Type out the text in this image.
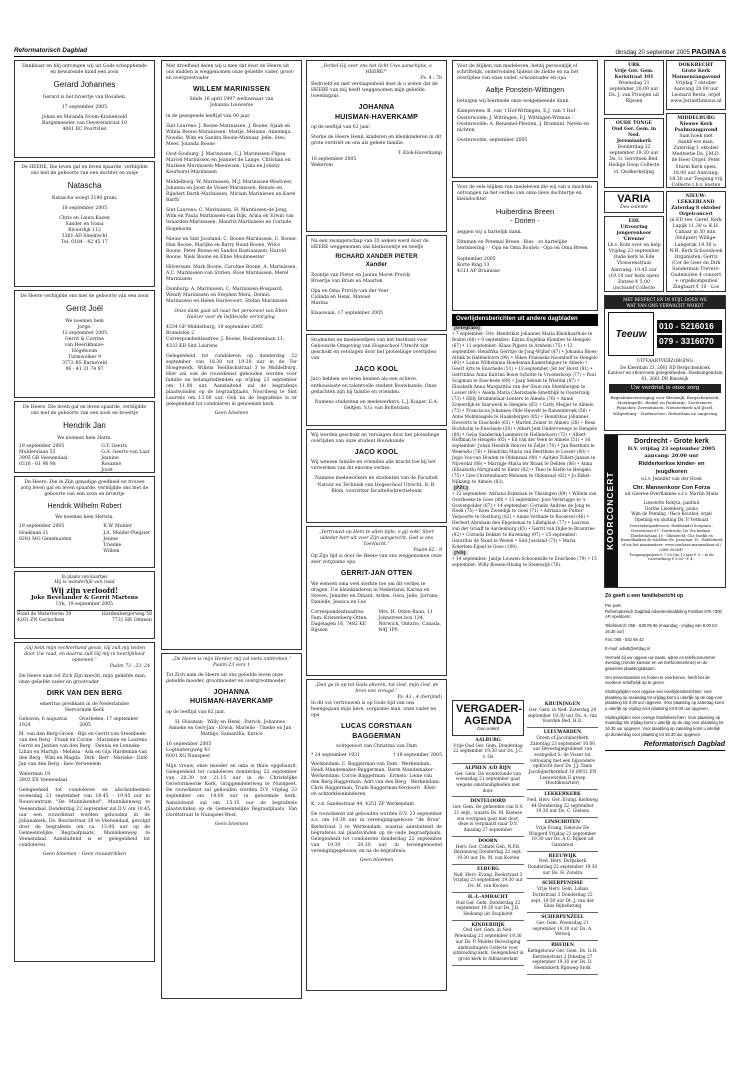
Reformatorisch Dagblad	dinsdag 20 september 2005 PAGINA 6
Dankbaar en blij ontvingen wij uit Gods schepphende en bewarende hand een zoon
Gerard Johannes
Gerard is het broertje van Rosalien.
17 september 2005
Johan en Miranda Noom-Kranenveld
Burgemeester van Oeverenstraat 10
4061 EC Poortvliet
De HEERE, Die leven gaf en leven spaarde, verblijdde ons met de geboorte van een dochter en zusje
Natascha
Natascha woegt 3180 gram.
18 september 2005
Chris en Laura Kazen
Sander en Ivana
Rivierdijk 112
3361 AD Sliedrecht
Tel. 0184 - 42 45 17
De Heere verblijdde ons met de geboorte van een zoon
Gerrit Joël
We noemen hem
Jorge.
13 september 2005
Gerrit & Corrine
van Heerikhuize-
Hogeboom
Turmwolker 9
3772 BS Barneveld
06 - 41 31 74 87
De Heere, Die leven gaf en leven spaarde, verblijdde ons met de geboorte van een zoon en broertje
Hendrik Jan
We noemen hem Harm.
19 september 2005
Mulderslaan 53
3905 GB Veenendaal
0318 - 61 96 98
G.T. Geerts
G.A. Geerts-van Laar
Jeanine
Rosanne
Joost
De Heere, Die in Zijn genadige goedheid en trouwe zorg leven gaf en leven spaarde, verblijdde ons met de geboorte van een zoon en broertje
Hendrik Wilhelm Robert
We noemen hem Herwin.
19 september 2005
Hoeklaan 21
8281 MG Genemuiden
R.W. Mulder
J.A. Mulder-Pleijzier
Jenine
Trienke
Willem
In plaats van kaartjes
Hij is wonderlijk van raad
Wij zijn verloofd!
Joke Bevelander & Gerrit Martens
Urk, 19 september 2005
Rond de Watertoren 39	Hardenbergerweg 50
4201 ZN Gorinchem	7731 HE Ommen
„Gij hebt mijn rechterhand gevat; Gij zult mij leiden door Uw raad, en daarna zult Gij mij in heerlijkheid opnemen.“
Psalm 73 : 23, 24
De Heere nam tot Zich Zijn knecht, mijn geliefde man, onze geliefde vader en grootvader
DIRK VAN DEN BERG
emeritus predikant in de Nederlandse
Hervormde Kerk
Geboren, 6 augustus 1924
Overleden, 17 september 2005
M. van den Berg-Groen · Rijs en Gerrit van Steenbeek-van den Berg · Frank en Corine · Marianne en Laurens · Gerrit en Jantien van den Berg · Dennis en Lenneke · Lilian en Martijn · Melissa · Ada en Gijs Hardeman-van den Berg · Wim en Magda · Dirk · Bert · Marieke · Dirk-Jan van den Berg · Ineo Verweelem
Waterman 19
2802 EX Veenendaal
Gelegenheid tot condoleren en afscheidnemen woensdag 21 september van 18.45 - 19.45 uur in Rouwcentrum "De Munnikenhof", Munnikenweg te Veenendaal. Donderdag 22 september zal D.V. om 10.45 uur een rouwdienst worden gehouden in de Julianakerk, Ds. Boschstraat 38 te Veenendaal, gevolgd door de begrafenis om ca. 13.00 uur op de Gemeentelijke Begraafplaats, Munnikenweg te Veenendaal. Aansluitend is er gelegenheid tot condoleren.
Geen bloemen – Geen rouwstrikken
Met droefheid delen wij u mee dat door de Heere uit ons midden is weggenomen onze geliefde vader, groot- en overgrootvader
WILLEM MARINISSEN
Sinds 16 april 1997 weduwnaar van
Johanna Louwerse
in de gezegende leeftijd van 90 jaar.
Sint Laurens: J. Boone-Marinissen, J. Boone, Sjaak en Wilma Boone-Maranissen, Marije, Melanie, Annemija, Noudie, Wim en Sandra Boone-Minnaar, Jelle, Stes, Mees, Jolanda Boone
Oost-Souburg: J. Marinissen, C.J. Marinissen-Flipse, Marcel Marinissen en Jeannet de Lange, Christian en Marleen Marinissen-Meeuwsen, Lydia en Johnny Keurhorst-Marinissen
Middelburg: W. Marinissen, M.J. Marinissen-Westveer, Johanna en Joost de Visser-Marinissen, Renate en Rijndert Barth-Marinissen, Miriam Marinissen en Karel Barth
Sint Laurens: C. Marinissen, H. Marinissen-de Jong, Wim en Paula Marinissen-van Dijk, Arina en Erwin van Iwaarden-Marinissen, Maurits Marinissen en Corinde Hogeboom
Nieuw en Sint Joosland: C. Boone-Marinissen, C. Boone, Han Boone, Marijke en Barry Ruud-Boone, Wilco Boone, Peter Boone en Sandra Bastiaansen, Harold Boone, Niels Boone en Eline Moulmeester
Hilversum: Mark Boone, Caroline Boone, A. Marinissen, A.C. Marinissen-van Stirien, Rose Marinissen, Merel Marinissen
Domburg: A. Marinissen, C. Marinissen-Bosgaard, Wendy Marinissen en Stephen Mera, Dennis Marinissen en Helen Harzevoort, Stefan Marinissen
Onze dank gaat uit naar het personeel van Eben-Haëzer voor de liefdevolle verzorging.
4334 GP Middelburg, 19 september 2005
Brandslon 2
Correspondentieadres: J. Boone, Bonhezenlaan 11, 4333 KB Sint Laurens
Gelegenheid tot condoleren op donderdag 22 september van 18.30 tot 19.30 uur in de Ter Hoogewerk, Willem Teellinckstraat 3 te Middelburg. Hier zal ook de rouwdienst gehouden worden voor familie en belangstellenden op vrijdag 23 september om 11.00 uur. Aansluitend zal de begrafenis plaatsvinden op de begraafplaats, Noordweg te Sint Laurens om 13.00 uur. Ook na de begrafenis is er gelegenheid tot condoleren in genoemde kerk.
Geen bloemen
„De Heere is mijn Herder, mij zal niets ontbreken.“
Psalm 23 vers 1
Tot Zich nam de Heere uit ons geliefde leven onze geliefde moeder, grootmoeder en overgrootmoeder
JOHANNA
HUISMAN-HAVERKAMP
op de leeftijd van 62 jaar.
H. Huisman · Willy en Henk · Patrick, Johannes · Anneke en Gert-Jan · Erwin, Marielle · Tineke en Jan · Mathijs, Samantha, Enrico
16 september 2005
Logtenbergweg 43
6001 XG Nunspeet
Mijn vrouw, onze moeder en oma is thuis opgebaard. Gelegenheid tot condoleren donderdag 22 september van 20.30 tot 21.15 uur in de Christelijke Gereformeerde Kerk, Grappendelerweg te Nunspeet. De rouwdienst zal gehouden worden D.V. vrijdag 23 september om 14.00 uur in genoemde kerk. Aansluitend zal om 15.15 uur de begrafenis plaatsvinden op de Gemeentelijke Begraafplaats, Van Oordtstraat te Nunspeet-West.
Geen bloemen
„Verbel Gij over ons het licht Uws aanschijns, o HEERE!“
Ps. 4 : 7b
Bedroefd en met verslagenheid doet ik u weten dat de HEERE van mij heeft weggenomen mijn geliefde tweelingzus
JOHANNA
HUISMAN-HAVERKAMP
op de leeftijd van 62 jaar.
Sterke de Heere Henk, kinderen en kleinkinderen in dit grote verdriet en ons als gehele familie.
T. Klok-Haverkamp
18 september 2005
Wekerom
Na een zwangerschap van 35 weken werd door de HEERE weggenomen ons kleinzoontje en neefje
RICHARD XANDER PIETER
Xander
Zoontje van Pieter en Janine Moret-Provily
Broertje van Bram en Maarten
Opa en Oma Provily-van der Veer
Colinda en Henk, Manuel
Marina
Klaaswaal, 17 september 2005
Studenten en medewerkers van het Instituut voor Gebouwde Omgeving van Hogeschool Utrecht zijn geschokt en verslagen door het plotselinge overlijden van
JACO KOOL
Jaco hebben we leren kennen als een actieve, enthousiaste en talentvolle student Bouwkunde. Onze gedachten zijn bij familie en vrienden.
Namens studenten en medewerkers, L.J. Kuiper, E.A. Oeltjen, S.G. van Botterdam
Wij werden geschokt en verslagen door het plotselinge overlijden van onze student Bouwkunde
JACO KOOL
Wij wensen familie en vrienden alle kracht toe bij het verwerken van dit enorme verlies.
Namens medewerkers en studenten van de Faculteit Natuur en Techniek van Hogeschool Utrecht, Ir. B. Blom, voorzitter faculteitsdirectieteam
„Vertrouwt op Hem te allen tijde, o gij volk! Stort uideder hart uit voor Zijn aangezicht, God is ons Toevlucht.“
Psalm 62 : 9
Op Zijn tijd is door de Heere van ons weggenomen onze zeer zorgzame opa
GERRIT-JAN OTTEN
We wensen oma veel sterkte toe om dit verlies te dragen. Uw kleinkinderen in Nederland: Karina en Steven, Jennifer en Dinant, Arden, Gera, Jelle, Jorrane, Danielle, Jessica en Les
Correspondentieadres: Fam. Kristenberg-Otten, Dagelagen 16, 7482 KE Rijssen
Mrs. H. Otten-Baan, 11 Johnstreet box 124, Norwich, Ontario, Canada, N4J 1P0
„Dan ga ik op tot Gods altaren, tot God, mijn God, de bron van vreugd.“
Ps. 43 : 4 (berijmd)
In dit vol vertrouwen is op Gods tijd van ons heengegaan mijn lieve, zorgzame man, onze vader en opa
LUCAS CORSTIAAN
BAGGERMAN
echtgenoot van Christina van Dam
* 24 september 1931	† 18 september 2005
Werkendam: C. Baggerman-van Dam · Werkendam: Heidi Mandemaker-Baggerman, Harm Mandemaker · Werkendam: Corrie Baggerman · Ermelo: Lenie van den Berg-Baggerman, Adri van den Berg · Werkendam: Chris Baggerman, Trude Baggerman-Verdoorn · Kleir- en achterkleinkinderen
K. v.d. Sandestraat 44, 4251 ZP Werkendam
De rouwdienst zal gehouden worden D.V. 23 september a.s. om 10.30 uur in verenigingsgebouw "de Bron", Kerkstraat 3 te Werkendam, waarna aansluitend de begrafenis zal plaatsvinden op de oude begraafplaats. Gelegenheid tot condoleren donderdag 22 september van 19.30 - 20.30 uur in bovengenoemd verenigingsgebouw, en na de begrafenis.
Geen bloemen
Voor de blijken van medeleven, hetzij persoonlijk of schriftelijk, ondervonden tijdens de ziekte en na het overlijden van onze vader, schoonvader en opa
Aaltje Ponstein-Wittingen
betuigen wij hiermede onze welgemeende dank.
Kampeveen: B. van 't Hof-Wittingen, E.J. van 't Hof · Oosterwolde: J. Wittingen, F.J. Wittingen-Witman · Oosterwolde: A. Benzenel-Pleuten, J. Brunninl, Neven en nichten
Oosterwolde, september 2005
Voor de vele blijken van medeleven die wij van u mochten ontvangen na het verlies van onze lieve dochtertje en kleindochter
Huiberdina Breen
- Dorien -
zeggen wij u hartelijk dank.
Dimmen en Petemel Breen · Ries - zo hartelijke herinnering - · Opa en Oma Bouten · Opa en Oma Breen
September 2005
Korte Ring 13
4311 AP Bruinisse
Overlijdensberichten uit andere dagbladen

[telegrafo]

• 7 september: Drs. Hendrikus Johannes Maria Kleinhaarhuis te Boxtel (66) • 9 september: Elzina Engelina Klomber te Hengelo (67) • 11 september: Klaas Pijpers te Arnhem (75) • 12 september: Hendrika Gerritje de Jong-Wijhof (87) • Johanna Bloes-Altink te Hellendoorn (90) • Nikes Fransiska Hoomboff te Hengelo (60) • Lanus Wilhelmina Hoedeman-Kamerlinguer te Almelo • Geert Arts te Enschede (51) • 13 september: Jet ter Horst (81) • Gerritdina Anna Katrina Bouw-Schutte te Vroomshoop (77) • Paul Scapman te Enschede (69) • Jaap Sekum te Wierdal (87) • Elisabeth Anna Margaritha van der Sluis-van Steenbergen te Losser (69) • Aleida Maria Cheristaide-Smetthijk te Oosterzalg (73) • Hilly Brummelaar-Lenters te Almelo (76) • Annie Zomerdijk-te Vaarwerk te Hengelo (65) • Carly Meijjer te Almelo (73) • Franciscus Johannes Olde Heuvelt te Ransenbroek (56) • Anne Mohlimagele te Haaksbergen (85) • Hendrikus Johannes Hoeverts te Enschede (65) • Marten Zomer te Almelo (28) • Rens Bockholm te Enschede (50) • Albert Jent Ondervweegs te Hengelo (68) • Geija Sanderink-Lammers te Hellendoorn (72) • Albert Hoffman te Hengelo (65) • Ed van der Veen te Almelo (51) • 16 september: Johan Hendrik Reuver te Zeljst (70) • Jan Boerkatz te Weerselo (76) • Hendrika Maria van Beerthem te Losser (80) • Jopje Vos-van Houten te Oldenzaal (90) • Aaltjen Tollert-Jansen te Nijverdal (88) • Marrigje Maria ter Braak te Delden (86) • Anna (Elisabeth) Nirtgraafd te Enter (82) • Theo te Kiefte te Hengelo (75) • Lies Christenhaurt-Melanen te Oldenzaal (62) • Jo Ekkel-Nijkamp te Almelo (83).

[PZC]

• 12 september: Adriana Eshkman te Vlissingen (89) • Willem van Overbeeke te Goes (88) • 13 september: Joos Verbrugge te 's-Gravenpolder (67) • 14 september: Cornelis Andries de Jong te Hoek (75) • Kees Zweedijk te Goes (71) • Adriana de Putter-Verpoorte te Oostburg (82) • Annie Verlinde te Roosevel (46) • Herbert Abraham den Engelsman te Lillehplaat (77) • Laurens van der Graaff te Aardenburg (65) • Gerrit van Dijke te Braintree (92) • Cornelis Dekker te Ravendag (97) • 15 september: Gerardus de Naud te Wezen • Sint Jossland (73) • Maria Koterlem-Eijnel te Goes (100).

[ND]

• 14 september: Jantje Louwen-Schoonwille te Enschede (79) • 15 september: Willy Bossen-Ittsing te Steenwijk (76).

VERGADER-
AGENDA
Geo volent
AALBURG
Vrije Oud Ger. Gem. Donderdag 22 september 19.30 uur Ds. J.C. v. Os
ALPHEN A/D RIJN
Ger. Gem. De wondstunde van woensdag 21 september gaat wegens omstandigheden niet door.
DINTELOORD
Ger. Gem. De gemeente van D.V. 21 sept., waarin Ds. M. Kieteze zou voorgaan gaat niet door, deze is verplaatst naar D.V. dinsdag 27 september
DOORN
Herv. Ger. Comité Geb. N.P.B. Bezinnweg Donderdag 22 sept. 19.30 uur Ds. M. van Kooten
ELBURG
Ned. Herv. Evang. Boekstraat 3 Vrijdag 23 september 19.30 uur Ds. M. van Kooten
H.-I.-AMBACHT
Oud Ger. Gem. Donderdag 22 september 19.30 uur Ds. J.D. Heikamp uit Staphorst
KINDERDIJK
Oud Ger. Gem. in Ned. Woensdag 21 september 19.30 uur Ds. P. Mulder Bevestiging ambtsdragers Collecte voor uitbreiding kerk. Gelegenheid in grote kerk te Alblasserdam
KRUININGEN
Ger. Gem. in Ned. Zaterdag 24 september 19.30 uur Ds. A. van Voorden Bed. H.D.
LEEUWARDEN
Groen of Jacobijnerkerk Zaterdag 23 september 10.00 uur Bevestigingsdienst van evangelist S. de Visser tot voltooiing met een bijzondere opdracht door Ds. J.J. Tanis Jacobijnerkerkhof 10 (8911 EN Leeuwarden E-groep Hoofdkwartier)
LEKKERKERK
Ned. Herv. Ger. Evang. Kerkweg 44 Donderdag 22 september 19.30 uur Ds. C. Gielens
LINSCHOTEN
Vrije Evang. Gebouw De Wingerd Vrijdag 23 september 19.30 uur Ds. A.C. Rijken uit Ganzerest
REEUWIJK
Ned. Herv. Dorpskerk Donderdag 22 september 19.30 uur Ds. H. Zondra
SCHERPENISSE
Vrije Herv. Gem. Loban Dorbstraat 3 Donderdag 22 sept. 19.30 uur Dr. J. van der Sluis Bijbellezing
SCHERPENZEEL
Ger. Gem. Woensdag 21 september 19.30 uur Ds. A. Vernoij
RHEDEN
Kerkgebouw Ger. Gem. Ds. G.H. Kerstenstraat 2 Dinsdag 27 september 19.30 uur Ds. D. Heemskerk Rijnweg-Stolk
URK
Vrije Ger. Gem.
Kerkstraat 101
Woensdag 21 september 20.00 uur Ds. J. van Prooijen uit Rijssen
OUDE TONGE
Oud Ger. Gem. in Ned.
Jeremiaskerk
Donderdag 22 september 19.30 uur Ds. G. Gerritsen Bed. Heilige Doop Collecte vt. Oudkerkelijng
DOKKRECHT
Grote Kerk
Mannenzangavond
Vrijdag 7 oktober Aanvang 20.00 uur Leonard Besta, orgel www.Jerinethmisua.nl
MIDDELBURG
Nieuwe Kerk
Psalmzangavond
Sam hoek met dankb'ere man, Zaterdag 1 oktober Medtsetie Ds. J.M.D. de Heer Orgel: Peter Sturm Kerk open: 18.00 uur Aanvang: 18.30 uur Toegang vrij Collecte t.b.v. kosten
VARIA
Deo volente
EDE
Uitvoering jongerenkoor 'Cirenne'
Lb.v. Kom over en help Vrijdag 23 september Oude kerk te Ede Vtouwenstraat Aanvang: 19.45 uur (19.10 uur kerk open) Entree € 5,00 (inclusief Collecte
NIEUW-LEKKERLAND
Zaterdag 8 oktober
Orgelconcert
in ED ree. Geref. Kerk Lapijk 11.30 u. K.H. Cabaar in 30 min. (Hulpzer) Willige-Langerak 19.30 u. N.H. Kerk Schoonhoek Organisten: Gerrit (Cor de Geer en Dirk Sanderman Trevero-Oudemolen 4 concert + orgelkompsities Zingtaart € 10 - Los
MET RESPECT EN IN STIJL DOEN WE
WAT VAN ONS VERWACHT WORDT
Teeuw
010 - 5216016
079 - 3316070
UITVAARTVERZORGING
De Kleerdam 23, 2661 RD Bergschenhoek
Kantoor en showroom gelegenheden: Hoeksingendam 61, 2661 DR Bleiswijk
Uw verdriet is onze zorg
Begrafenisverzorging voor Bleiswijk, Bergschenhoek, Moerkapelle, Berkel en Rodenrijs, Zoetermeer, Pijnacker, Zevenhuizen, Nieuwerkerk a/d IJssel, Wilgenburg - Zuiderschee, Rotterdam en omgeving
KOORCONCERT
Dordrecht - Grote kerk
D.V. vrijdag 23 september 2005
aanvang: 20.00 uur
Ridderkerkse kinder- en
jeugdkoren
o.l.v. Jennifer van der Hoek
Chr. Mannenkoor Con Forza
uit Goeree-Overflakkee o.l.v. Martin Mans
Lieselotte Rokyta, panfluit
Dorine Lloemberg, piano
Wim de Penning - f&cu Kouthof, orgel
Opening en sluiting Ds. P. Vermaat
Voorverkoopadressen: Boekhandel Scriptura - Vriesestraat 67 - Dordrecht; De Vos boekan - Thorbeckelaan 15 - Sliedrecht; Chr. boekh en Hasselbanken de Saddeur Ev. Jonselaar 10 - Ridderkerk of via het mannenkoor: www.conforza-mannenkoor.nl / 0388-502647
Toegangsprijzen € 7,50 t/m 12 jaar € 5,-; in de voorverkoop € 6,50 / € 4,-
Zó geeft u een familiebericht op
Per post:
Reformatorisch Dagblad Advertentieafdeling Postbus 670 7300 AP Apeldoorn
Telefonisch: 055 - 539 06 66 (maandag - vrijdag van 8.00 tot 16.30 uur)
Fax: 055 - 542 68 42
E-mail: advdt@refdag.nl
Vermeld bij uw opgave uw naam, adres en telefoonnummer overdag (zonder kantoor en uw telefoonnummer) en de gewenste plaatsingsdatum.
Om misverstanden en fouten te voorkomen, heeft het de voorkeur schriftelijk op te geven.
Sluitingstijden voor opgave van overlijdensberichten: voor plaatsing op maandag tot vrijdag komt u uiterlijk op de dag voor plaatsing tot 9.30 uur opgeven. Voor plaatsing op zaterdag komt u uiterlijk op vrijdag voor plaatsing tot 9.00 uur opgeven.
Sluitingstijden voor overige familieberichten: Voor plaatsing op maandag tim vrijdag komt u uiterlijk op de dag voor plaatsing tot 16.30 uur opgeven. Voor plaatsing op zaterdag komt u uiterlijk op donderdag voor plaatsing tot 16.30 uur opgeven.
Reformatorisch Dagblad
